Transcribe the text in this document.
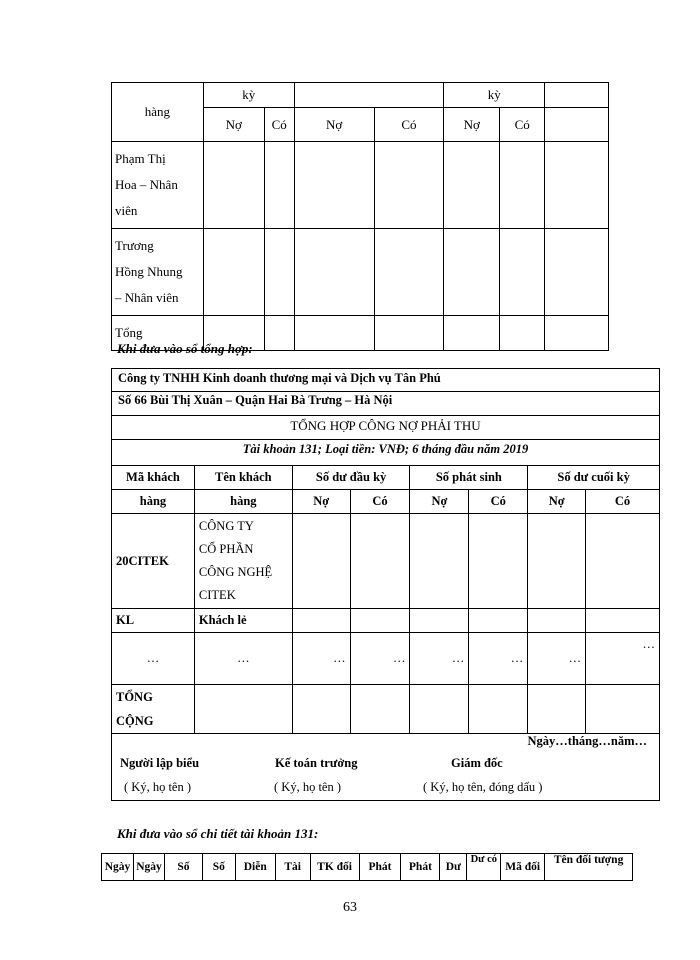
hàng	kỳ				kỳ		
	Nợ	Có	Nợ	Có	Nợ	Có	

Phạm Thị
Hoa – Nhân
viên							

Trương
Hồng Nhung
– Nhân viên							

Tổng							
Khi đưa vào sổ tổng hợp:
Công ty TNHH Kinh doanh thương mại và Dịch vụ Tân Phú
Số 66 Bùi Thị Xuân – Quận Hai Bà Trưng – Hà Nội
TỔNG HỢP CÔNG NỢ PHẢI THU
Tài khoản 131; Loại tiền: VNĐ; 6 tháng đầu năm 2019
Mã khách	Tên khách	Số dư đầu kỳ		Số phát sinh		Số dư cuối kỳ	
hàng	hàng	Nợ	Có	Nợ	Có	Nợ	Có
20CITEK	CÔNG TY
CỔ PHẦN
CÔNG NGHỆ
CITEK						

KL	Khách lẻ						
…	…	…	…	…	…	…	…

TỔNG
CỘNG							

Ngày…tháng…năm…
Người lập biểu
( Ký, họ tên )
Kế toán trưởng
( Ký, họ tên )
Giám đốc
( Ký, họ tên, đóng dấu )
Khi đưa vào sổ chi tiết tài khoản 131:
Ngày	Ngày	Số	Số	Diễn	Tài	TK đối	Phát	Phát	Dư	Dư có	Mã đối	Tên đối tượng
63
